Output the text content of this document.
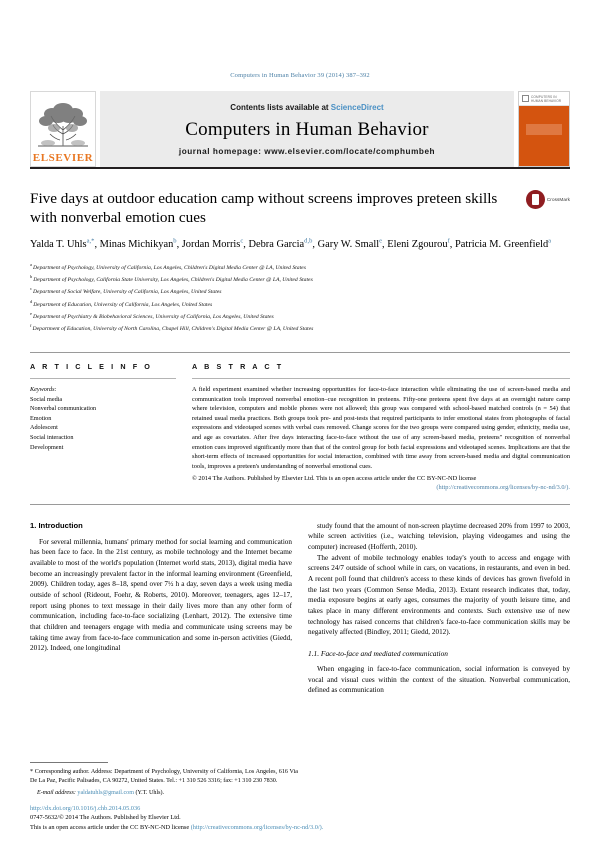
Computers in Human Behavior 39 (2014) 387–392
ELSEVIER
Contents lists available at ScienceDirect
Computers in Human Behavior
journal homepage: www.elsevier.com/locate/comphumbeh
COMPUTERS IN
HUMAN BEHAVIOR
Five days at outdoor education camp without screens improves preteen skills with nonverbal emotion cues
CrossMark
Yalda T. Uhls$^{a,*}$, Minas Michikyan$^b$, Jordan Morris$^c$, Debra Garcia$^{d,b}$, Gary W. Small$^e$, Eleni Zgourou$^f$, Patricia M. Greenfield$^a$
$^a$Department of Psychology, University of California, Los Angeles, Children's Digital Media Center @ LA, United States
$^b$Department of Psychology, California State University, Los Angeles, Children's Digital Media Center @ LA, United States
$^c$Department of Social Welfare, University of California, Los Angeles, United States
$^d$Department of Education, University of California, Los Angeles, United States
$^e$Department of Psychiatry & Biobehavioral Sciences, University of California, Los Angeles, United States
$^f$Department of Education, University of North Carolina, Chapel Hill, Children's Digital Media Center @ LA, United States
A R T I C L E I N F O
Keywords:
Social media
Nonverbal communication
Emotion
Adolescent
Social interaction
Development
A B S T R A C T
A field experiment examined whether increasing opportunities for face-to-face interaction while eliminating the use of screen-based media and communication tools improved nonverbal emotion–cue recognition in preteens. Fifty-one preteens spent five days at an overnight nature camp where television, computers and mobile phones were not allowed; this group was compared with school-based matched controls (n = 54) that retained usual media practices. Both groups took pre- and post-tests that required participants to infer emotional states from photographs of facial expressions and videotaped scenes with verbal cues removed. Change scores for the two groups were compared using gender, ethnicity, media use, and age as covariates. After five days interacting face-to-face without the use of any screen-based media, preteens" recognition of nonverbal emotion cues improved significantly more than that of the control group for both facial expressions and videotaped scenes. Implications are that the short-term effects of increased opportunities for social interaction, combined with time away from screen-based media and digital communication tools, improves a preteen's understanding of nonverbal emotional cues.
© 2014 The Authors. Published by Elsevier Ltd. This is an open access article under the CC BY-NC-ND license
(http://creativecommons.org/licenses/by-nc-nd/3.0/).
1. Introduction

For several millennia, humans' primary method for social learning and communication has been face to face. In the 21st century, as mobile technology and the Internet became available to most of the world's population (Internet world stats, 2013), digital media have become an increasingly prevalent factor in the informal learning environment (Greenfield, 2009). Children today, ages 8–18, spend over 7½ h a day, seven days a week using media outside of school (Rideout, Foehr, & Roberts, 2010). Moreover, teenagers, ages 12–17, report using phones to text message in their daily lives more than any other form of communication, including face-to-face socializing (Lenhart, 2012). The extensive time that children and teenagers engage with media and communicate using screens may be taking time away from face-to-face communication and some in-person activities (Giedd, 2012). Indeed, one longitudinal

study found that the amount of non-screen playtime decreased 20% from 1997 to 2003, while screen activities (i.e., watching television, playing videogames and using the computer) increased (Hofferth, 2010).

The advent of mobile technology enables today's youth to access and engage with screens 24/7 outside of school while in cars, on vacations, in restaurants, and even in bed. A recent poll found that children's access to these kinds of devices has grown fivefold in the last two years (Common Sense Media, 2013). Extant research indicates that, today, media exposure begins at early ages, consumes the majority of youth leisure time, and takes place in many different environments and contexts. Such extensive use of new technology has raised concerns that children's face-to-face communication skills may be negatively affected (Bindley, 2011; Giedd, 2012).

1.1. Face-to-face and mediated communication

When engaging in face-to-face communication, social information is conveyed by vocal and visual cues within the context of the situation. Nonverbal communication, defined as communication

* Corresponding author. Address: Department of Psychology, University of California, Los Angeles, 616 Via De La Paz, Pacific Palisades, CA 90272, United States. Tel.: +1 310 526 3316; fax: +1 310 230 7830.
E-mail address: yaldatuhls@gmail.com (Y.T. Uhls).
http://dx.doi.org/10.1016/j.chb.2014.05.036
0747-5632/© 2014 The Authors. Published by Elsevier Ltd.
This is an open access article under the CC BY-NC-ND license (http://creativecommons.org/licenses/by-nc-nd/3.0/).
